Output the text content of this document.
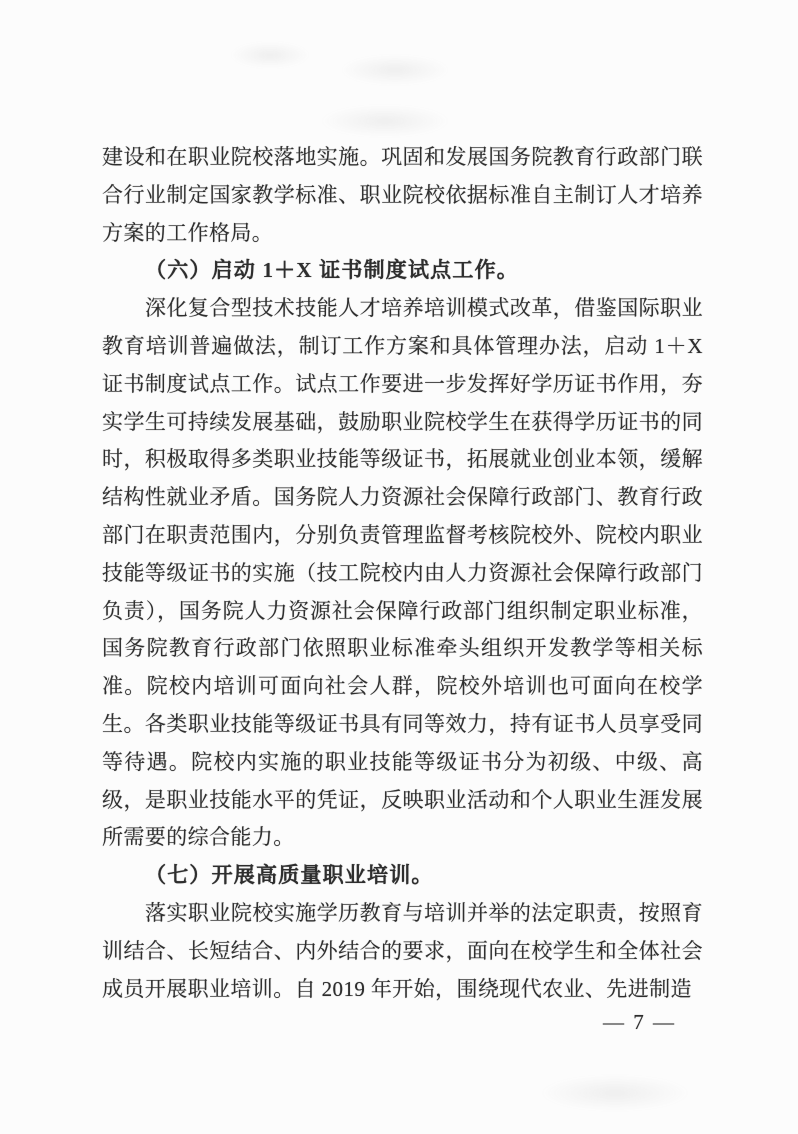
建设和在职业院校落地实施。巩固和发展国务院教育行政部门联
合行业制定国家教学标准、职业院校依据标准自主制订人才培养
方案的工作格局。
（六）启动 1＋X 证书制度试点工作。
深化复合型技术技能人才培养培训模式改革，借鉴国际职业
教育培训普遍做法，制订工作方案和具体管理办法，启动 1＋X
证书制度试点工作。试点工作要进一步发挥好学历证书作用，夯
实学生可持续发展基础，鼓励职业院校学生在获得学历证书的同
时，积极取得多类职业技能等级证书，拓展就业创业本领，缓解
结构性就业矛盾。国务院人力资源社会保障行政部门、教育行政
部门在职责范围内，分别负责管理监督考核院校外、院校内职业
技能等级证书的实施（技工院校内由人力资源社会保障行政部门
负责），国务院人力资源社会保障行政部门组织制定职业标准，
国务院教育行政部门依照职业标准牵头组织开发教学等相关标
准。院校内培训可面向社会人群，院校外培训也可面向在校学
生。各类职业技能等级证书具有同等效力，持有证书人员享受同
等待遇。院校内实施的职业技能等级证书分为初级、中级、高
级，是职业技能水平的凭证，反映职业活动和个人职业生涯发展
所需要的综合能力。
（七）开展高质量职业培训。
落实职业院校实施学历教育与培训并举的法定职责，按照育
训结合、长短结合、内外结合的要求，面向在校学生和全体社会
成员开展职业培训。自 2019 年开始，围绕现代农业、先进制造
— 7 —
